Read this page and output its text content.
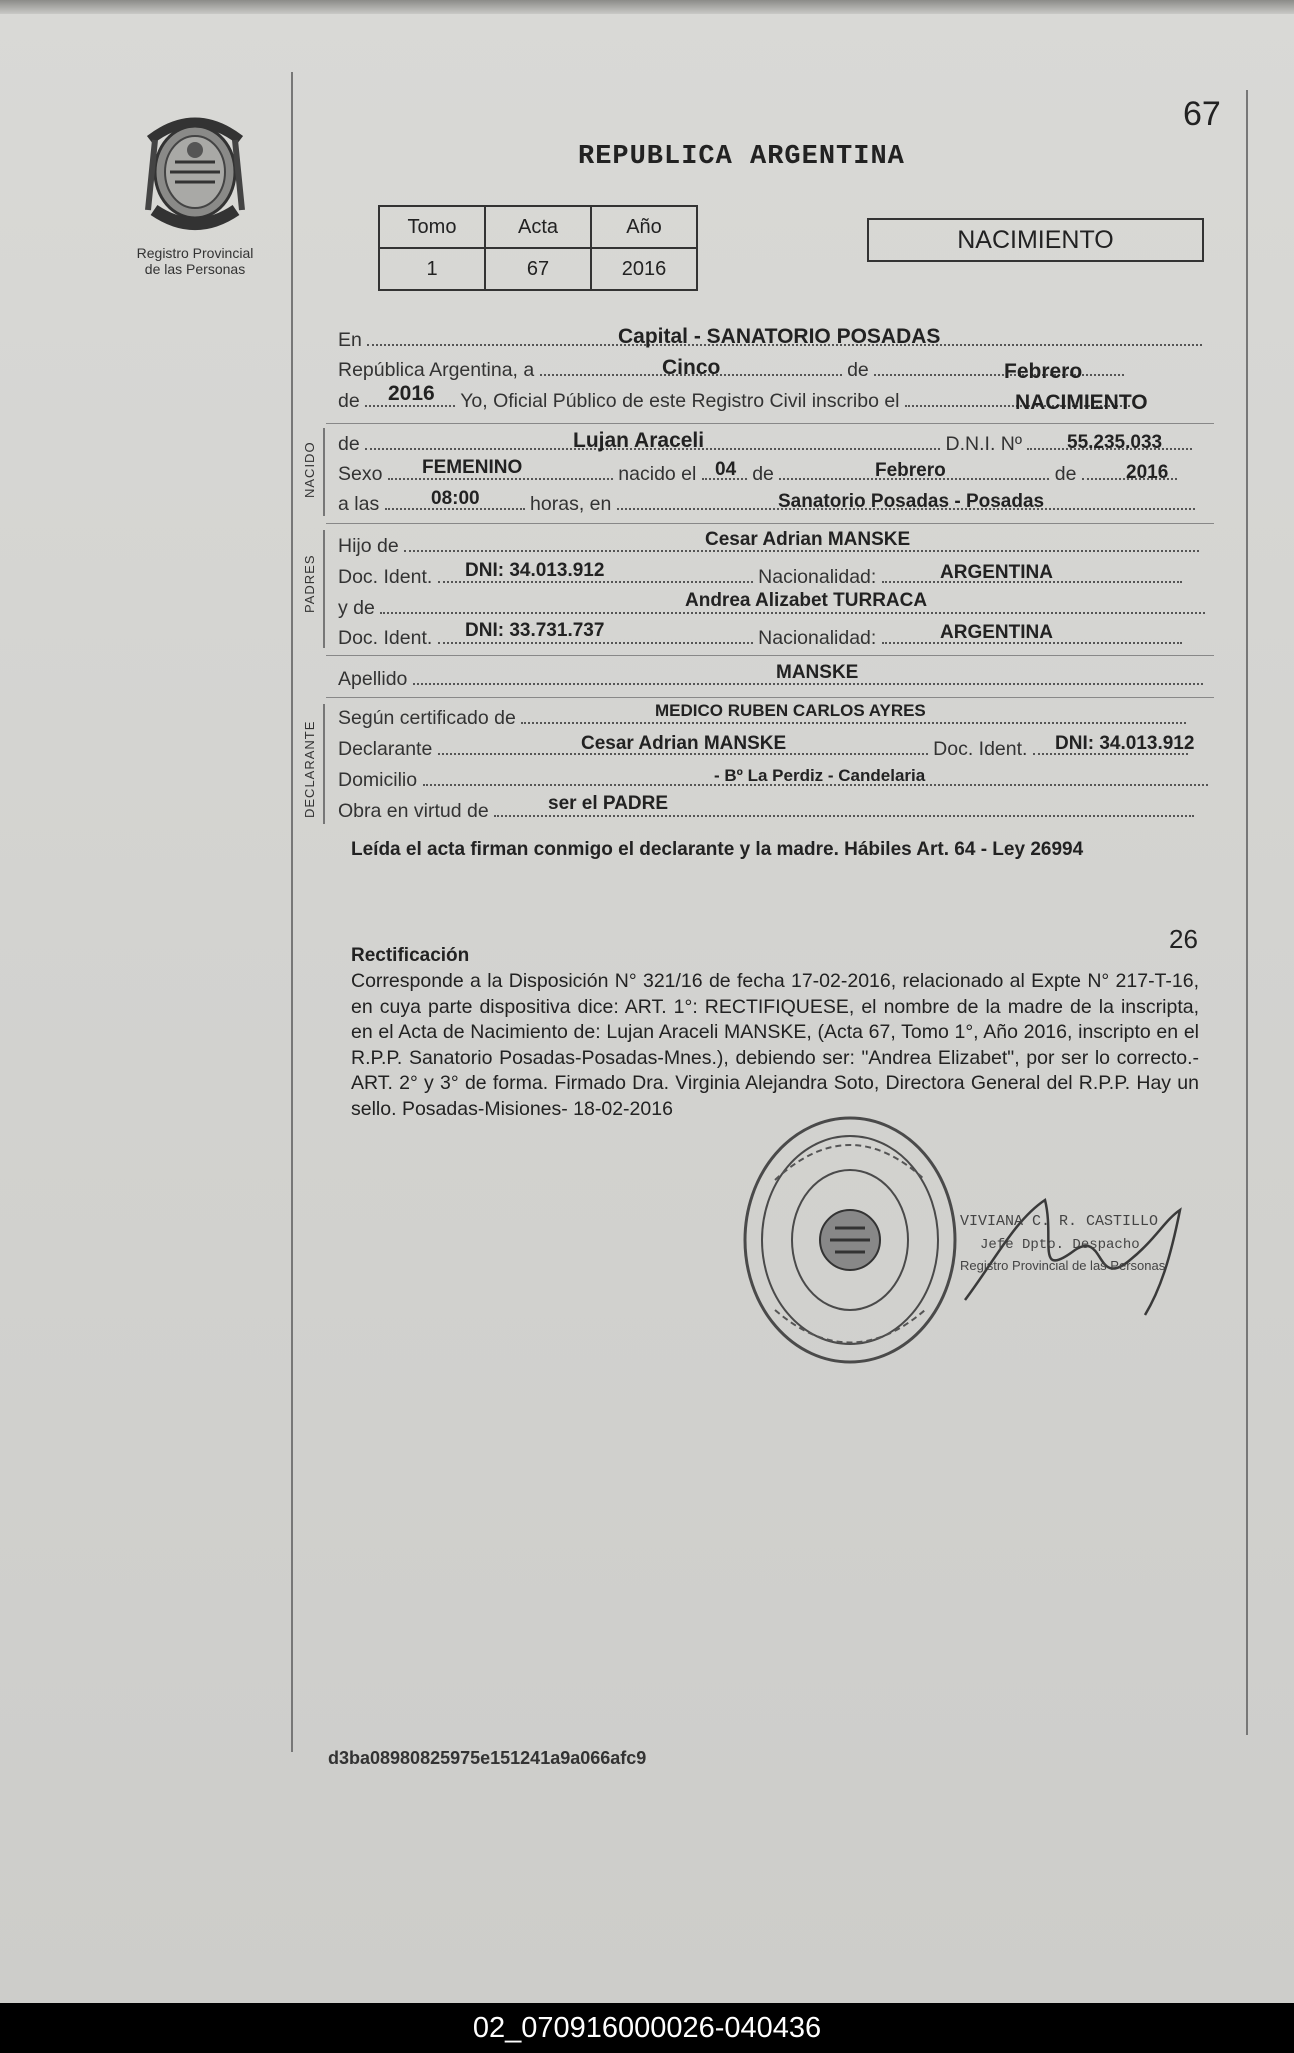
Registro Provincial
de las Personas
67
REPUBLICA ARGENTINA
Tomo	Acta	Año
1	67	2016
NACIMIENTO
En	Capital - SANATORIO POSADAS
República Argentina, a	de
Cinco	Febrero
de	Yo, Oficial Público de este Registro Civil inscribo el
2016	NACIMIENTO
NACIDO de	D.N.I. Nº
Lujan Araceli	55.235.033
Sexo	nacido el	de	de
FEMENINO	04	Febrero	2016
a las	horas, en
08:00	Sanatorio Posadas - Posadas
PADRES
Hijo de	Cesar Adrian MANSKE
Doc. Ident.	Nacionalidad:
DNI: 34.013.912	ARGENTINA
y de	Andrea Alizabet TURRACA
Doc. Ident.	Nacionalidad:
DNI: 33.731.737	ARGENTINA
Apellido	MANSKE
DECLARANTE
Según certificado de	MEDICO RUBEN CARLOS AYRES
Declarante	Doc. Ident.
Cesar Adrian MANSKE	DNI: 34.013.912
Domicilio	- Bº La Perdiz - Candelaria
Obra en virtud de	ser el PADRE
Leída el acta firman conmigo el declarante y la madre. Hábiles Art. 64 - Ley 26994
26
Rectificación
Corresponde a la Disposición N° 321/16 de fecha 17-02-2016, relacionado al Expte N° 217-T-16, en cuya parte dispositiva dice: ART. 1°: RECTIFIQUESE, el nombre de la madre de la inscripta, en el Acta de Nacimiento de: Lujan Araceli MANSKE, (Acta 67, Tomo 1°, Año 2016, inscripto en el R.P.P. Sanatorio Posadas-Posadas-Mnes.), debiendo ser: "Andrea Elizabet", por ser lo correcto.- ART. 2° y 3° de forma. Firmado Dra. Virginia Alejandra Soto, Directora General del R.P.P. Hay un sello. Posadas-Misiones- 18-02-2016
VIVIANA C. R. CASTILLO
Jefe Dpto. Despacho
Registro Provincial de las Personas
d3ba08980825975e151241a9a066afc9
02_070916000026-040436
